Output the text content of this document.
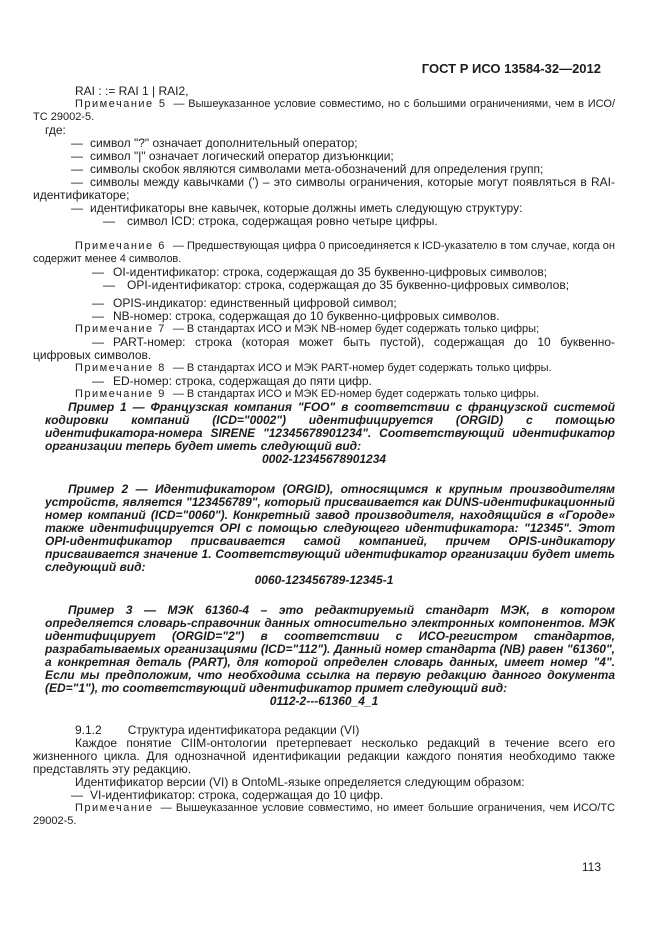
ГОСТ Р ИСО 13584-32—2012

RAI : := RAI 1 | RAI2,

Примечание 5 — Вышеуказанное условие совместимо, но с большими ограничениями, чем в ИСО/ТС 29002-5.

где:

— символ "?" означает дополнительный оператор;

— символ "|" означает логический оператор дизъюнкции;

— символы скобок являются символами мета-обозначений для определения групп;

— символы между кавычками (') – это символы ограничения, которые могут появляться в RAI-идентификаторе;

— идентификаторы вне кавычек, которые должны иметь следующую структуру:

— символ ICD: строка, содержащая ровно четыре цифры.

Примечание 6 — Предшествующая цифра 0 присоединяется к ICD-указателю в том случае, когда он содержит менее 4 символов.

— OI-идентификатор: строка, содержащая до 35 буквенно-цифровых символов;

— OPI-идентификатор: строка, содержащая до 35 буквенно-цифровых символов;

— OPIS-индикатор: единственный цифровой символ;

— NB-номер: строка, содержащая до 10 буквенно-цифровых символов.

Примечание 7 — В стандартах ИСО и МЭК NB-номер будет содержать только цифры;

— PART-номер: строка (которая может быть пустой), содержащая до 10 буквенно-цифровых символов.

Примечание 8 — В стандартах ИСО и МЭК PART-номер будет содержать только цифры.

— ED-номер: строка, содержащая до пяти цифр.

Примечание 9 — В стандартах ИСО и МЭК ED-номер будет содержать только цифры.

Пример 1 — Французская компания "FOO" в соответствии с французской системой кодировки компаний (ICD="0002") идентифицируется (ORGID) с помощью идентификатора-номера SIRENE "12345678901234". Соответствующий идентификатор организации теперь будет иметь следующий вид:

0002-12345678901234

Пример 2 — Идентификатором (ORGID), относящимся к крупным производителям устройств, является "123456789", который присваивается как DUNS-идентификационный номер компаний (ICD="0060"). Конкретный завод производителя, находящийся в «Городе» также идентифицируется OPI с помощью следующего идентификатора: "12345". Этот OPI-идентификатор присваивается самой компанией, причем OPIS-индикатору присваивается значение 1. Соответствующий идентификатор организации будет иметь следующий вид:

0060-123456789-12345-1

Пример 3 — МЭК 61360-4 – это редактируемый стандарт МЭК, в котором определяется словарь-справочник данных относительно электронных компонентов. МЭК идентифицирует (ORGID="2") в соответствии с ИСО-регистром стандартов, разрабатываемых организациями (ICD="112"). Данный номер стандарта (NB) равен "61360", а конкретная деталь (PART), для которой определен словарь данных, имеет номер "4". Если мы предположим, что необходима ссылка на первую редакцию данного документа (ED="1"), то соответствующий идентификатор примет следующий вид:

0112-2---61360_4_1

9.1.2 Структура идентификатора редакции (VI)

Каждое понятие CIIM-онтологии претерпевает несколько редакций в течение всего его жизненного цикла. Для однозначной идентификации редакции каждого понятия необходимо также представлять эту редакцию.

Идентификатор версии (VI) в OntoML-языке определяется следующим образом:

— VI-идентификатор: строка, содержащая до 10 цифр.

Примечание — Вышеуказанное условие совместимо, но имеет большие ограничения, чем ИСО/ТС 29002-5.

113
